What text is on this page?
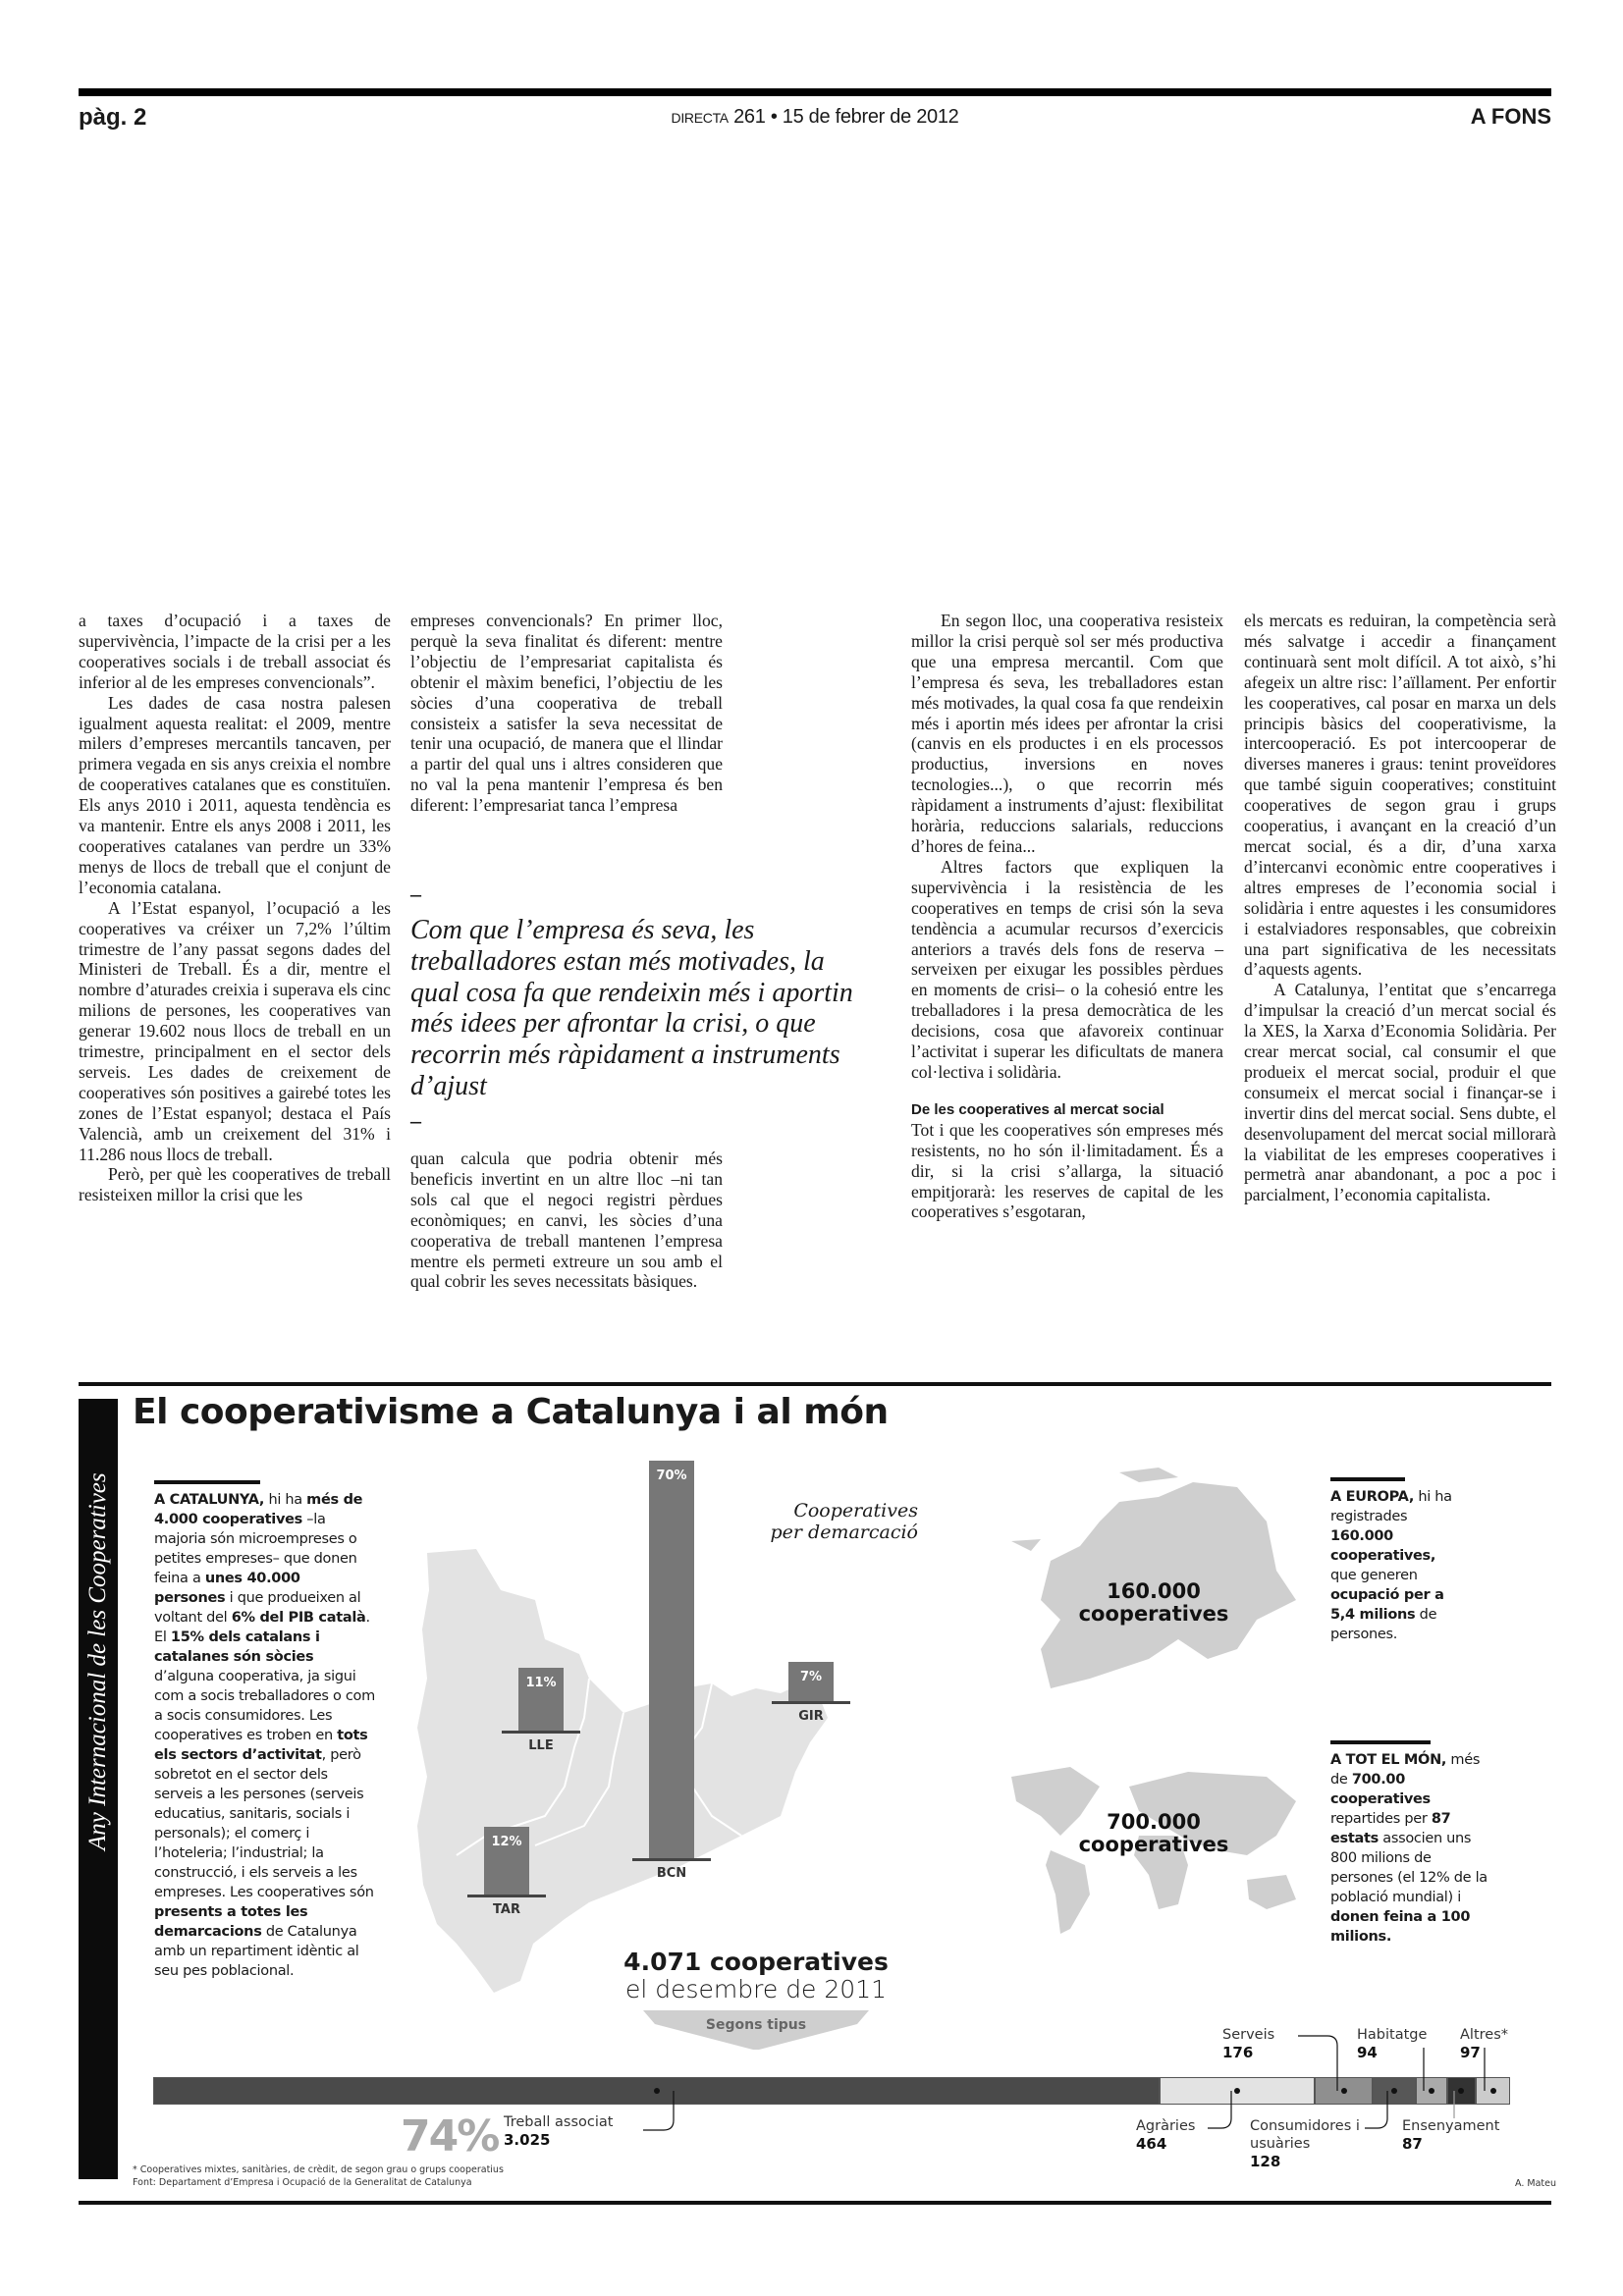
pàg. 2	DIRECTA 261 • 15 de febrer de 2012	A FONS

a taxes d’ocupació i a taxes de supervivència, l’impacte de la crisi per a les cooperatives socials i de treball associat és inferior al de les empreses convencionals”.

Les dades de casa nostra palesen igualment aquesta realitat: el 2009, mentre milers d’empreses mercantils tancaven, per primera vegada en sis anys creixia el nombre de cooperatives catalanes que es constituïen. Els anys 2010 i 2011, aquesta tendència es va mantenir. Entre els anys 2008 i 2011, les cooperatives catalanes van perdre un 33% menys de llocs de treball que el conjunt de l’economia catalana.

A l’Estat espanyol, l’ocupació a les cooperatives va créixer un 7,2% l’últim trimestre de l’any passat segons dades del Ministeri de Treball. És a dir, mentre el nombre d’aturades creixia i superava els cinc milions de persones, les cooperatives van generar 19.602 nous llocs de treball en un trimestre, principalment en el sector dels serveis. Les dades de creixement de cooperatives són positives a gairebé totes les zones de l’Estat espanyol; destaca el País Valencià, amb un creixement del 31% i 11.286 nous llocs de treball.

Però, per què les cooperatives de treball resisteixen millor la crisi que les

empreses convencionals? En primer lloc, perquè la seva finalitat és diferent: mentre l’objectiu de l’empresariat capitalista és obtenir el màxim benefici, l’objectiu de les sòcies d’una cooperativa de treball consisteix a satisfer la seva necessitat de tenir una ocupació, de manera que el llindar a partir del qual uns i altres consideren que no val la pena mantenir l’empresa és ben diferent: l’empresariat tanca l’empresa

–
Com que l’empresa és seva, les treballadores estan més motivades, la qual cosa fa que rendeixin més i aportin més idees per afrontar la crisi, o que recorrin més ràpidament a instruments d’ajust
–

quan calcula que podria obtenir més beneficis invertint en un altre lloc –ni tan sols cal que el negoci registri pèrdues econòmiques; en canvi, les sòcies d’una cooperativa de treball mantenen l’empresa mentre els permeti extreure un sou amb el qual cobrir les seves necessitats bàsiques.

En segon lloc, una cooperativa resisteix millor la crisi perquè sol ser més productiva que una empresa mercantil. Com que l’empresa és seva, les treballadores estan més motivades, la qual cosa fa que rendeixin més i aportin més idees per afrontar la crisi (canvis en els productes i en els processos productius, inversions en noves tecnologies...), o que recorrin més ràpidament a instruments d’ajust: flexibilitat horària, reduccions salarials, reduccions d’hores de feina...

Altres factors que expliquen la supervivència i la resistència de les cooperatives en temps de crisi són la seva tendència a acumular recursos d’exercicis anteriors a través dels fons de reserva –serveixen per eixugar les possibles pèrdues en moments de crisi– o la cohesió entre les treballadores i la presa democràtica de les decisions, cosa que afavoreix continuar l’activitat i superar les dificultats de manera col·lectiva i solidària.

De les cooperatives al mercat social

Tot i que les cooperatives són empreses més resistents, no ho són il·limitadament. És a dir, si la crisi s’allarga, la situació empitjorarà: les reserves de capital de les cooperatives s’esgotaran,

els mercats es reduiran, la competència serà més salvatge i accedir a finançament continuarà sent molt difícil. A tot això, s’hi afegeix un altre risc: l’aïllament. Per enfortir les cooperatives, cal posar en marxa un dels principis bàsics del cooperativisme, la intercooperació. Es pot intercooperar de diverses maneres i graus: tenint proveïdores que també siguin cooperatives; constituint cooperatives de segon grau i grups cooperatius, i avançant en la creació d’un mercat social, és a dir, d’una xarxa d’intercanvi econòmic entre cooperatives i altres empreses de l’economia social i solidària i entre aquestes i les consumidores i estalviadores responsables, que cobreixin una part significativa de les necessitats d’aquests agents.

A Catalunya, l’entitat que s’encarrega d’impulsar la creació d’un mercat social és la XES, la Xarxa d’Economia Solidària. Per crear mercat social, cal consumir el que produeix el mercat social, produir el que consumeix el mercat social i finançar-se i invertir dins del mercat social. Sens dubte, el desenvolupament del mercat social millorarà la viabilitat de les empreses cooperatives i permetrà anar abandonant, a poc a poc i parcialment, l’economia capitalista.

Any Internacional de les Cooperatives
El cooperativisme a Catalunya i al món
A CATALUNYA, hi ha més de 4.000 cooperatives –la majoria són microempreses o petites empreses– que donen feina a unes 40.000 persones i que produeixen al voltant del 6% del PIB català. El 15% dels catalans i catalanes són sòcies d’alguna cooperativa, ja sigui com a socis treballadores o com a socis consumidores. Les cooperatives es troben en tots els sectors d’activitat, però sobretot en el sector dels serveis a les persones (serveis educatius, sanitaris, socials i personals); el comerç i l’hoteleria; l’industrial; la construcció, i els serveis a les empreses. Les cooperatives són presents a totes les demarcacions de Catalunya amb un repartiment idèntic al seu pes poblacional.
A EUROPA, hi ha registrades 160.000 cooperatives, que generen ocupació per a 5,4 milions de persones.
A TOT EL MÓN, més de 700.00 cooperatives repartides per 87 estats associen uns 800 milions de persones (el 12% de la població mundial) i donen feina a 100 milions.
Cooperatives
per demarcació
11%
LLE
70%
BCN
7%
GIR
12%
TAR
4.071 cooperatives
el desembre de 2011
Segons tipus
160.000
cooperatives
700.000
cooperatives
74% Treball associat
3.025
Agràries
464
Serveis
176
Consumidores i usuàries
128
Habitatge
94
Ensenyament
87
Altres*
97
* Cooperatives mixtes, sanitàries, de crèdit, de segon grau o grups cooperatius
Font: Departament d’Empresa i Ocupació de la Generalitat de Catalunya	A. Mateu
